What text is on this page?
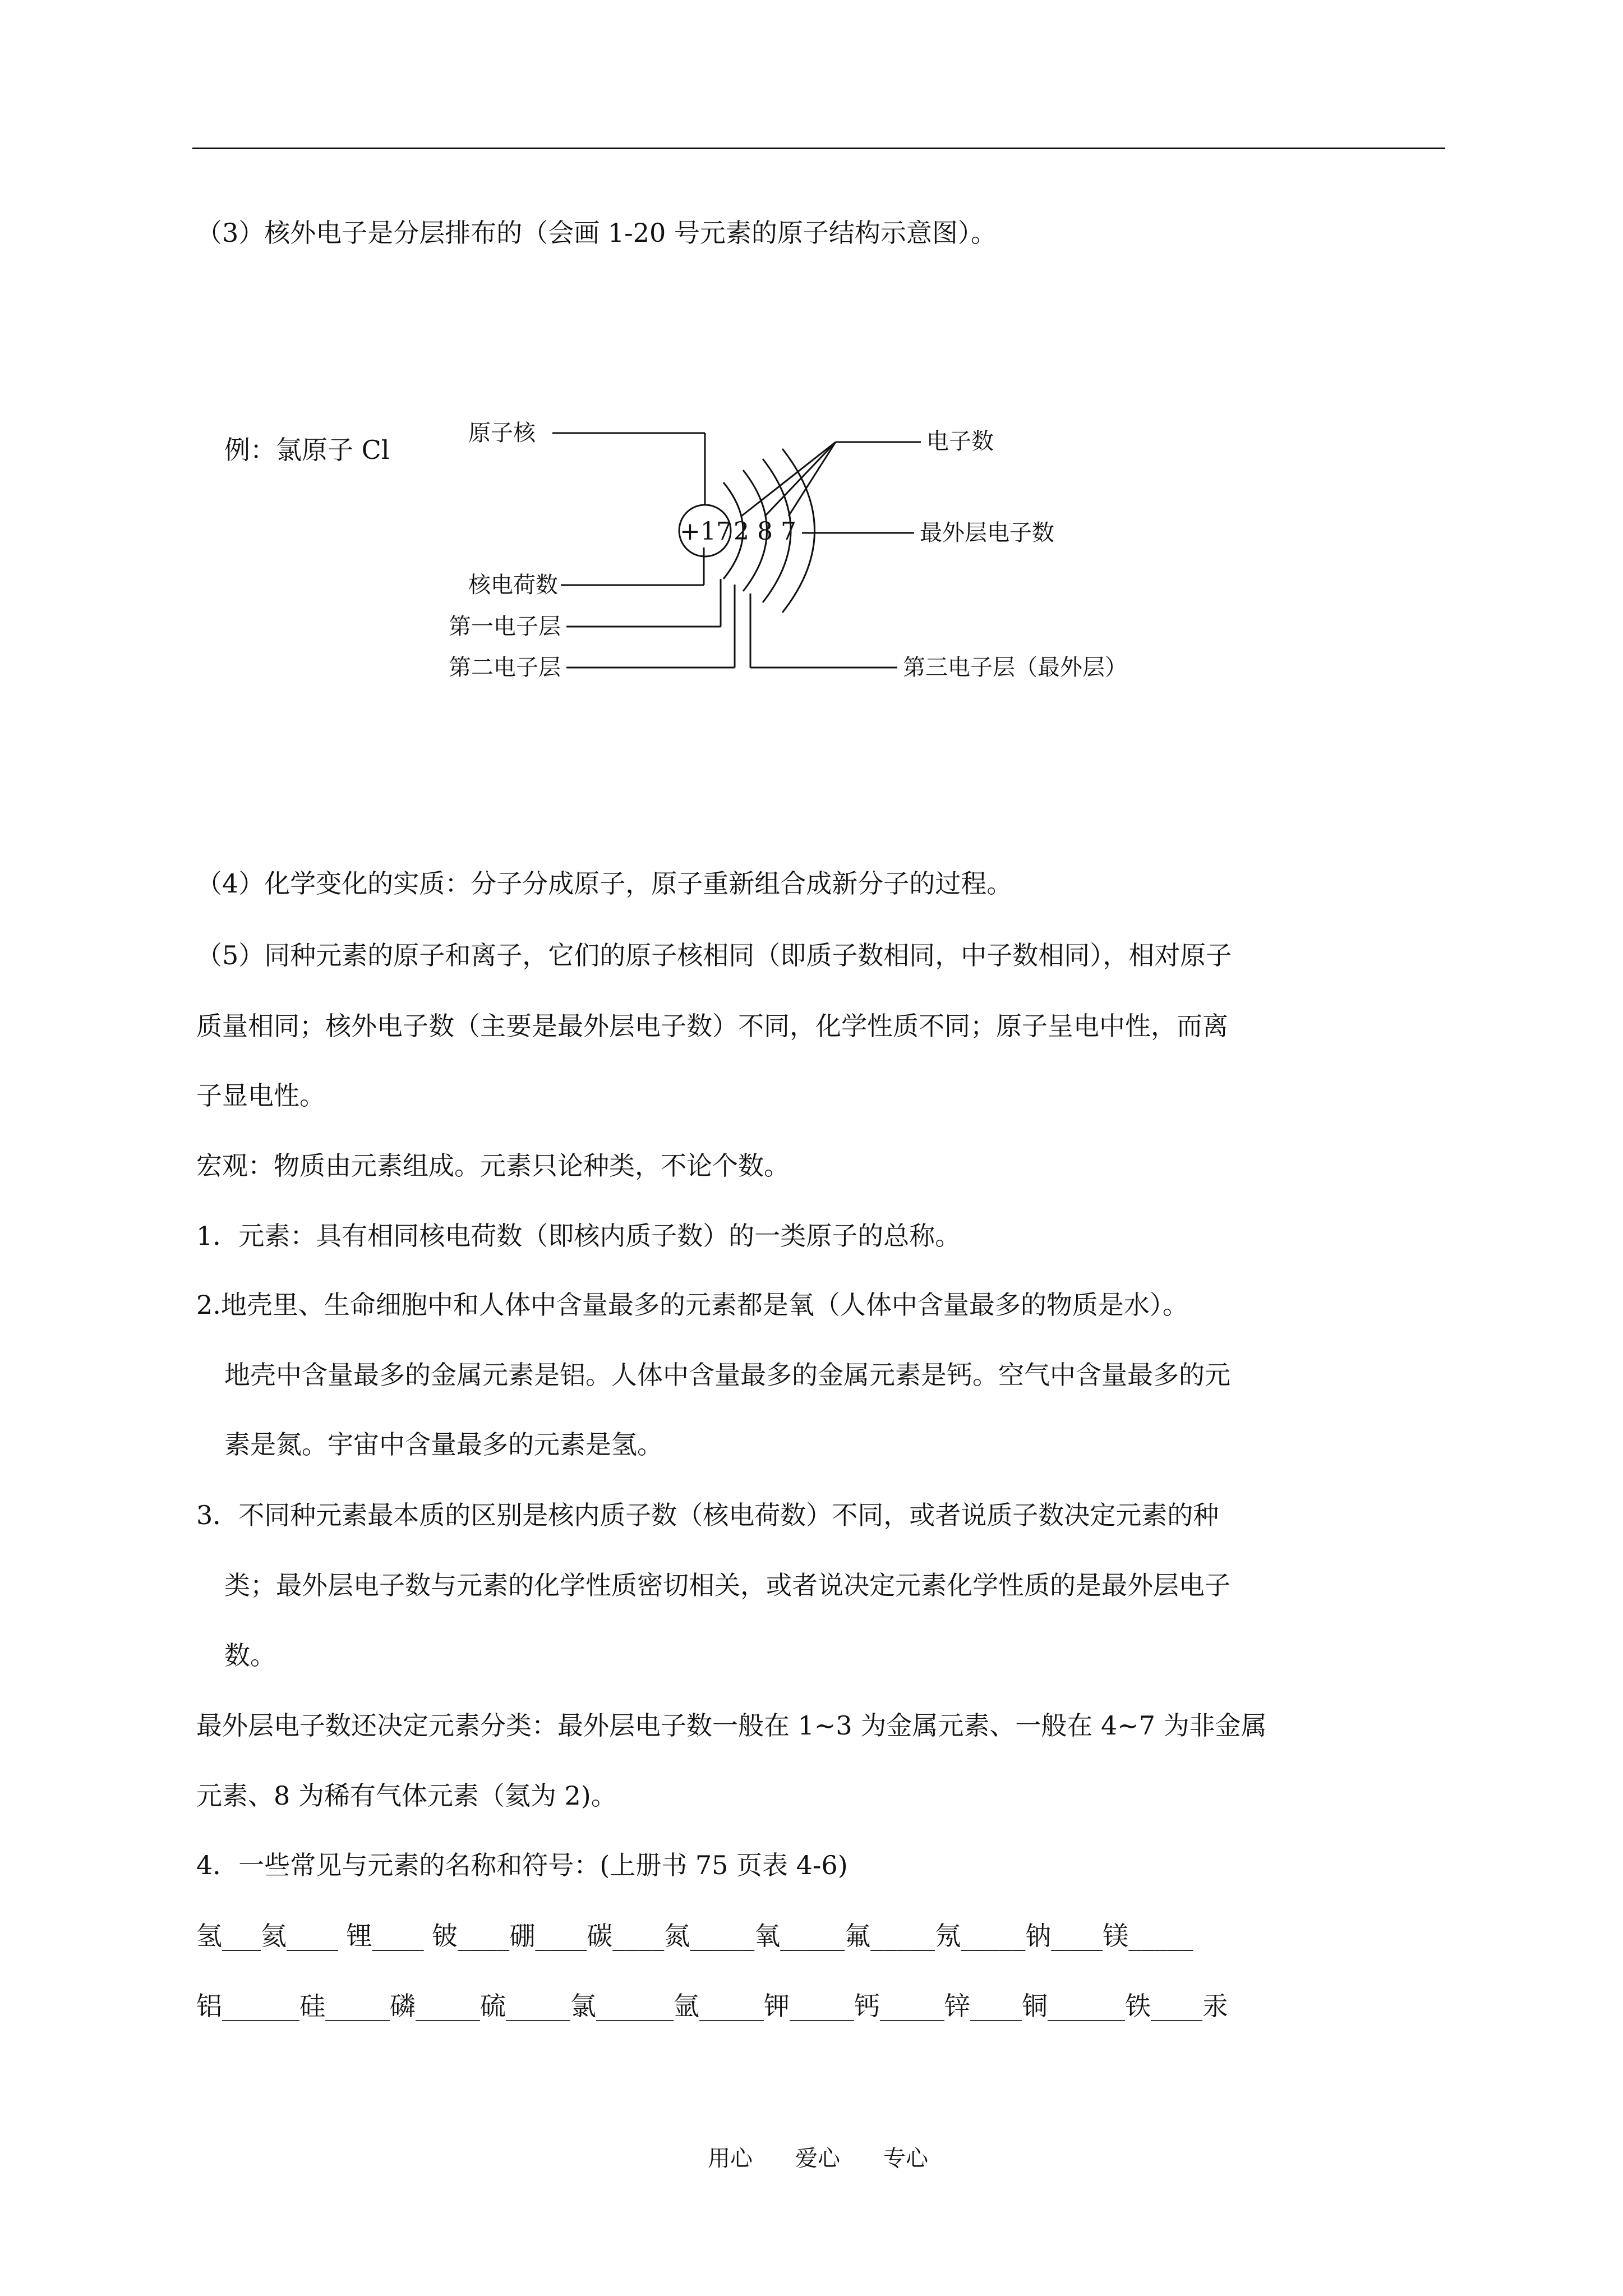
（3）核外电子是分层排布的（会画 1-20 号元素的原子结构示意图）。
例：氯原子 Cl
+17 2 8 7
原子核	电子数
最外层电子数
核电荷数
第一电子层
第二电子层	第三电子层（最外层）
（4）化学变化的实质：分子分成原子，原子重新组合成新分子的过程。
（5）同种元素的原子和离子，它们的原子核相同（即质子数相同，中子数相同），相对原子
质量相同；核外电子数（主要是最外层电子数）不同，化学性质不同；原子呈电中性，而离
子显电性。
宏观：物质由元素组成。元素只论种类，不论个数。
1．元素：具有相同核电荷数（即核内质子数）的一类原子的总称。
2.地壳里、生命细胞中和人体中含量最多的元素都是氧（人体中含量最多的物质是水）。
地壳中含量最多的金属元素是铝。人体中含量最多的金属元素是钙。空气中含量最多的元
素是氮。宇宙中含量最多的元素是氢。
3．不同种元素最本质的区别是核内质子数（核电荷数）不同，或者说质子数决定元素的种
类；最外层电子数与元素的化学性质密切相关，或者说决定元素化学性质的是最外层电子
数。
最外层电子数还决定元素分类：最外层电子数一般在 1~3 为金属元素、一般在 4~7 为非金属
元素、8 为稀有气体元素（氦为 2)。
4．一些常见与元素的名称和符号：(上册书 75 页表 4-6)
氢___氦____ 锂____ 铍____硼____碳____氮_____氧_____氟_____氖_____钠____镁_____
铝______硅_____磷_____硫_____氯______氩_____钾_____钙_____锌____铜______铁____汞
用心 爱心 专心
